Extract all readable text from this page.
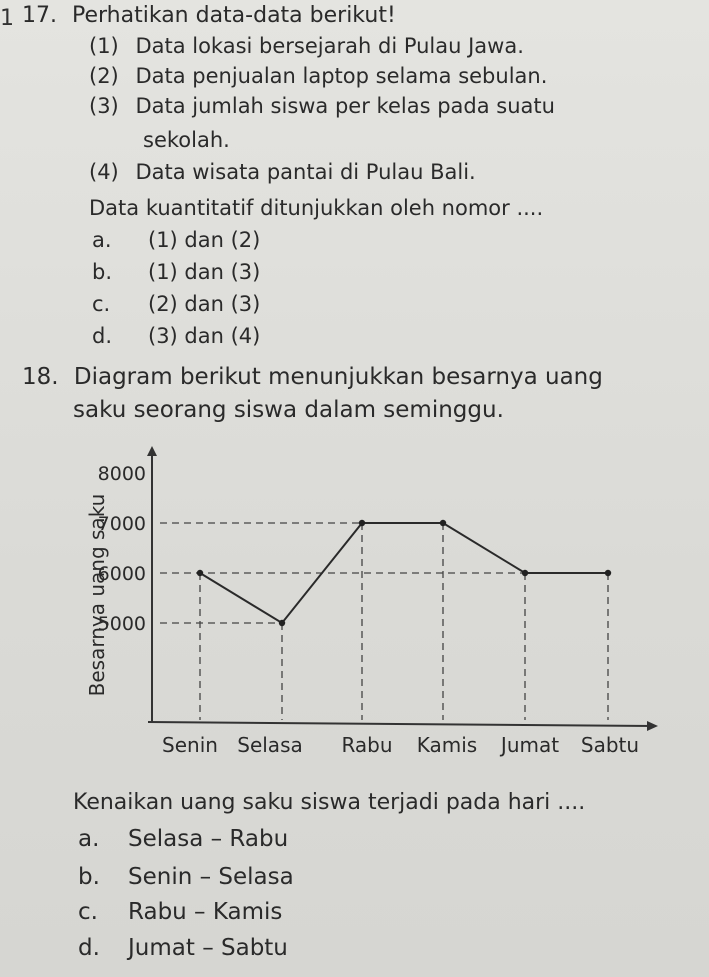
1 17. Perhatikan data-data berikut!
(1) Data lokasi bersejarah di Pulau Jawa.
(2) Data penjualan laptop selama sebulan.
(3) Data jumlah siswa per kelas pada suatu
sekolah.
(4) Data wisata pantai di Pulau Bali.
Data kuantitatif ditunjukkan oleh nomor ....
a. (1) dan (2)
b. (1) dan (3)
c. (2) dan (3)
d. (3) dan (4)
18. Diagram berikut menunjukkan besarnya uang
saku seorang siswa dalam seminggu.
5000
6000
7000
8000
Besarnya uang saku
Senin Selasa Rabu Kamis Jumat Sabtu
Kenaikan uang saku siswa terjadi pada hari ....
a. Selasa – Rabu
b. Senin – Selasa
c. Rabu – Kamis
d. Jumat – Sabtu
